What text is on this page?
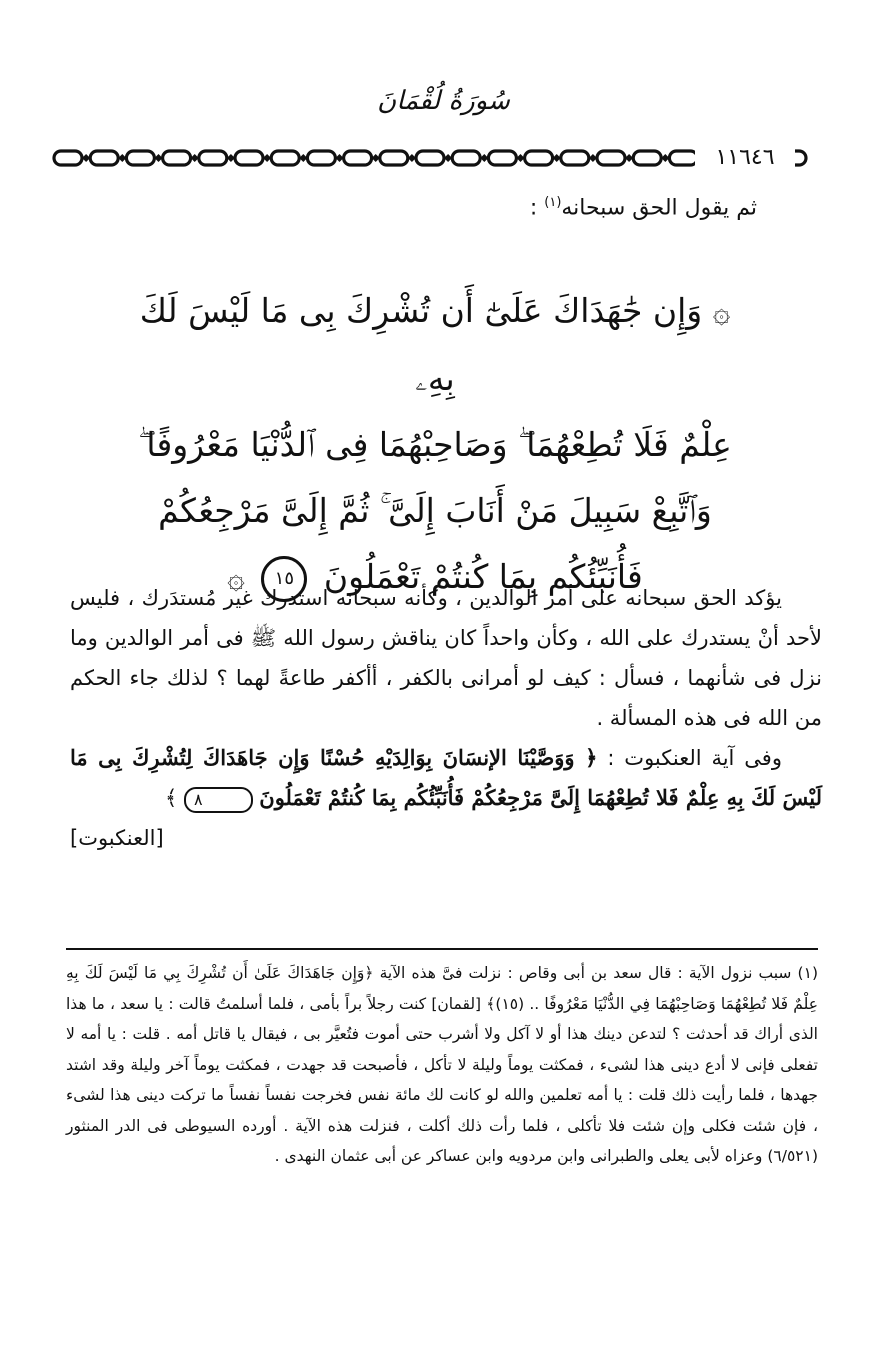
سُورَةُ لُقْمَانَ
١١٦٤٦
ثم يقول الحق سبحانه$^{(١)}$ :
۞ وَإِن جَٰهَدَاكَ عَلَىٰٓ أَن تُشْرِكَ بِى مَا لَيْسَ لَكَ بِهِۦ
عِلْمٌ فَلَا تُطِعْهُمَا ۖ وَصَاحِبْهُمَا فِى ٱلدُّنْيَا مَعْرُوفًا ۖ
وَٱتَّبِعْ سَبِيلَ مَنْ أَنَابَ إِلَىَّ ۚ ثُمَّ إِلَىَّ مَرْجِعُكُمْ
فَأُنَبِّئُكُم بِمَا كُنتُمْ تَعْمَلُونَ ١٥ ۞

يؤكد الحق سبحانه على أمر الوالدين ، وكأنه سبحانه استدرك غير مُستدَرك ، فليس لأحد أنْ يستدرك على الله ، وكأن واحداً كان يناقش رسول الله ﷺ فى أمر الوالدين وما نزل فى شأنهما ، فسأل : كيف لو أمرانى بالكفر ، أأكفر طاعةً لهما ؟ لذلك جاء الحكم من الله فى هذه المسألة .

وفى آية العنكبوت : ﴿ وَوَصَّيْنَا الإنسَانَ بِوَالِدَيْهِ حُسْنًا وَإِن جَاهَدَاكَ لِتُشْرِكَ بِى مَا لَيْسَ لَكَ بِهِ عِلْمٌ فَلا تُطِعْهُمَا إِلَىَّ مَرْجِعُكُمْ فَأُنَبِّئُكُم بِمَا كُنتُمْ تَعْمَلُونَ ٨ ﴾
[العنكبوت]

(١) سبب نزول الآية : قال سعد بن أبى وقاص : نزلت فىَّ هذه الآية ﴿وَإِن جَاهَدَاكَ عَلَىٰ أَن تُشْرِكَ بِي مَا لَيْسَ لَكَ بِهِ عِلْمٌ فَلا تُطِعْهُمَا وَصَاحِبْهُمَا فِي الدُّنْيَا مَعْرُوفًا .. (١٥)﴾ [لقمان] كنت رجلاً براً بأمى ، فلما أسلمتُ قالت : يا سعد ، ما هذا الذى أراك قد أحدثت ؟ لتدعن دينك هذا أو لا آكل ولا أشرب حتى أموت فتُعيَّر بى ، فيقال يا قاتل أمه . قلت : يا أمه لا تفعلى فإنى لا أدع دينى هذا لشىء ، فمكثت يوماً وليلة لا تأكل ، فأصبحت قد جهدت ، فمكثت يوماً آخر وليلة وقد اشتد جهدها ، فلما رأيت ذلك قلت : يا أمه تعلمين والله لو كانت لك مائة نفس فخرجت نفساً نفساً ما تركت دينى هذا لشىء ، فإن شئت فكلى وإن شئت فلا تأكلى ، فلما رأت ذلك أكلت ، فنزلت هذه الآية . أورده السيوطى فى الدر المنثور (٦/٥٢١) وعزاه لأبى يعلى والطبرانى وابن مردويه وابن عساكر عن أبى عثمان النهدى .
